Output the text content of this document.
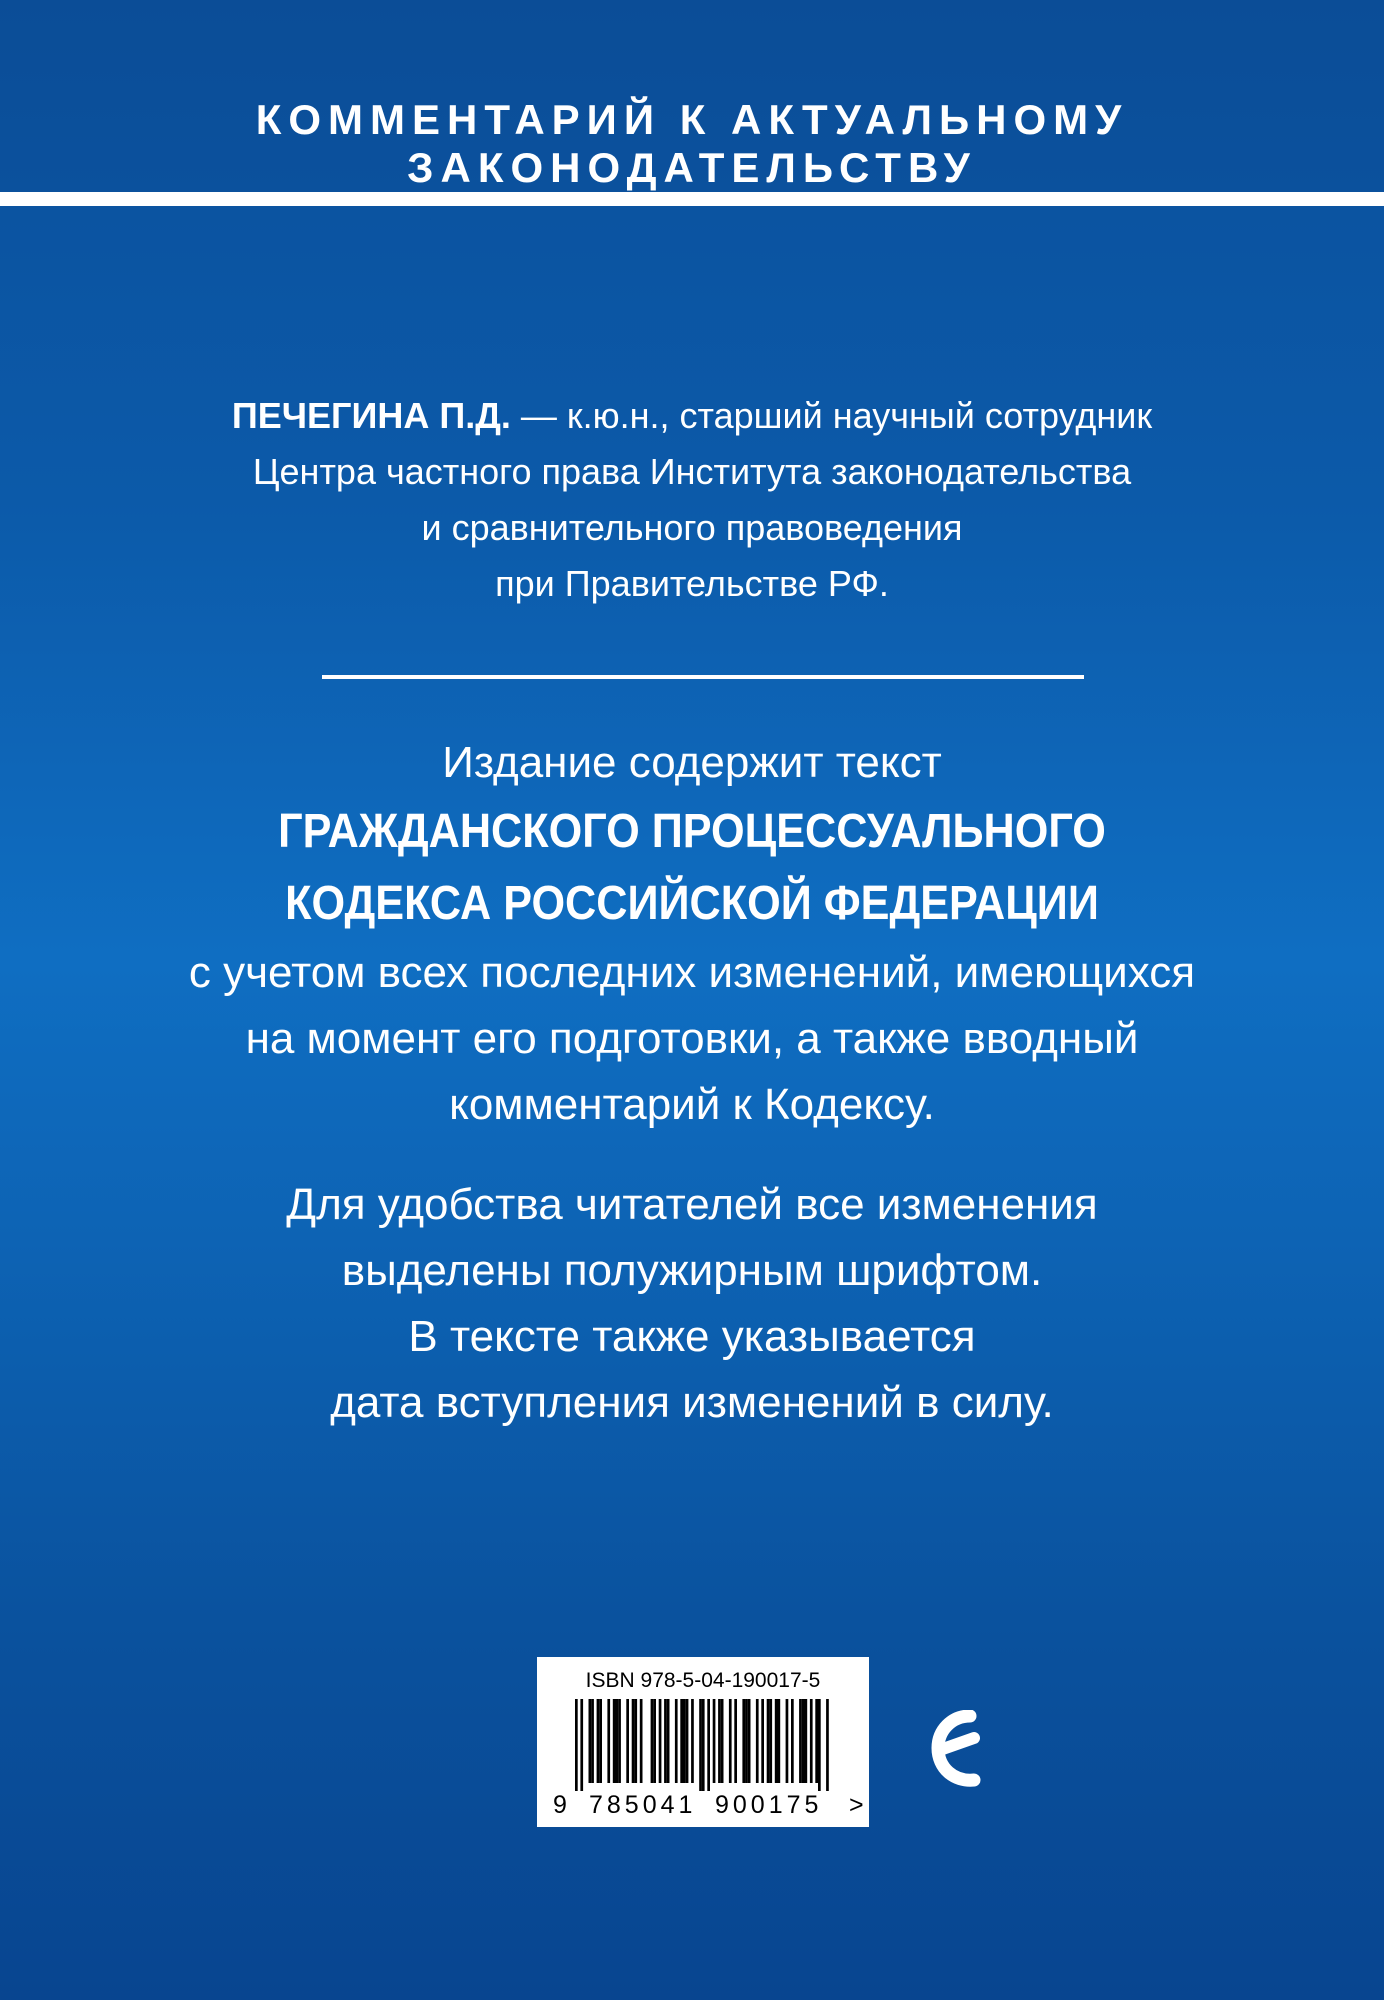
КОММЕНТАРИЙ К АКТУАЛЬНОМУ ЗАКОНОДАТЕЛЬСТВУ
ПЕЧЕГИНА П.Д. — к.ю.н., старший научный сотрудник
Центра частного права Института законодательства
и сравнительного правоведения
при Правительстве РФ.
Издание содержит текст
ГРАЖДАНСКОГО ПРОЦЕССУАЛЬНОГО
КОДЕКСА РОССИЙСКОЙ ФЕДЕРАЦИИ
с учетом всех последних изменений, имеющихся
на момент его подготовки, а также вводный
комментарий к Кодексу.
Для удобства читателей все изменения
выделены полужирным шрифтом.
В тексте также указывается
дата вступления изменений в силу.
ISBN 978-5-04-190017-5
9 785041 900175 >
